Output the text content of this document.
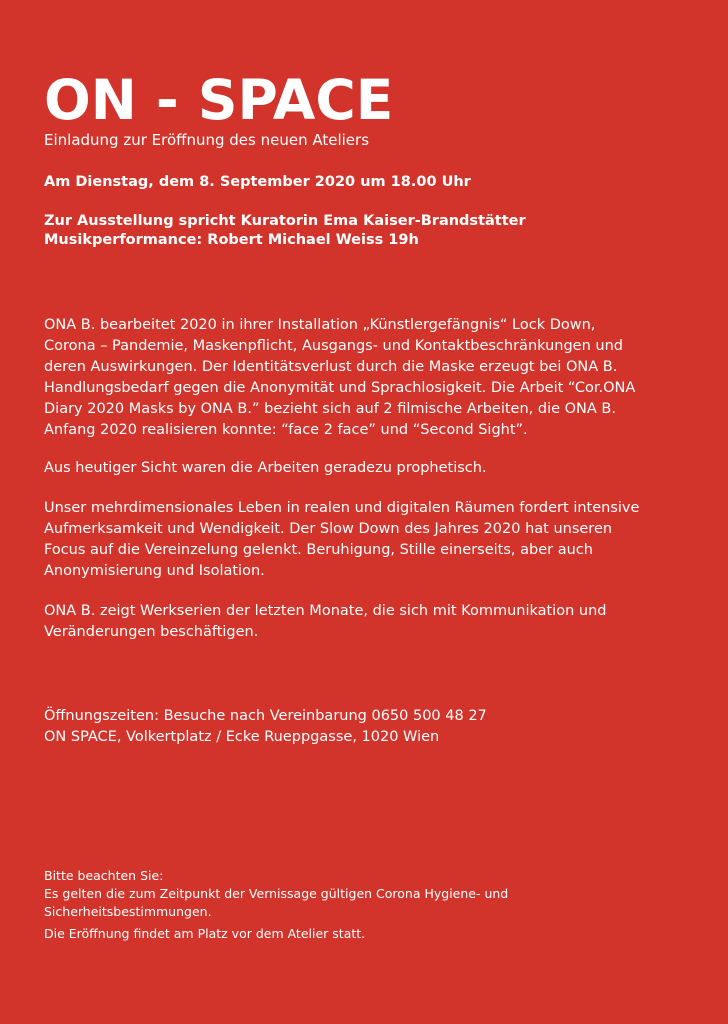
ON - SPACE
Einladung zur Eröffnung des neuen Ateliers
Am Dienstag, dem 8. September 2020 um 18.00 Uhr
Zur Ausstellung spricht Kuratorin Ema Kaiser-Brandstätter
Musikperformance: Robert Michael Weiss 19h
ONA B. bearbeitet 2020 in ihrer Installation „Künstlergefängnis“ Lock Down,
Corona – Pandemie, Maskenpflicht, Ausgangs- und Kontaktbeschränkungen und
deren Auswirkungen. Der Identitätsverlust durch die Maske erzeugt bei ONA B.
Handlungsbedarf gegen die Anonymität und Sprachlosigkeit. Die Arbeit “Cor.ONA
Diary 2020 Masks by ONA B.” bezieht sich auf 2 filmische Arbeiten, die ONA B.
Anfang 2020 realisieren konnte: “face 2 face” und “Second Sight”.
Aus heutiger Sicht waren die Arbeiten geradezu prophetisch.
Unser mehrdimensionales Leben in realen und digitalen Räumen fordert intensive
Aufmerksamkeit und Wendigkeit. Der Slow Down des Jahres 2020 hat unseren
Focus auf die Vereinzelung gelenkt. Beruhigung, Stille einerseits, aber auch
Anonymisierung und Isolation.
ONA B. zeigt Werkserien der letzten Monate, die sich mit Kommunikation und
Veränderungen beschäftigen.
Öffnungszeiten: Besuche nach Vereinbarung 0650 500 48 27
ON SPACE, Volkertplatz / Ecke Rueppgasse, 1020 Wien
Bitte beachten Sie:
Es gelten die zum Zeitpunkt der Vernissage gültigen Corona Hygiene- und
Sicherheitsbestimmungen.
Die Eröffnung findet am Platz vor dem Atelier statt.
